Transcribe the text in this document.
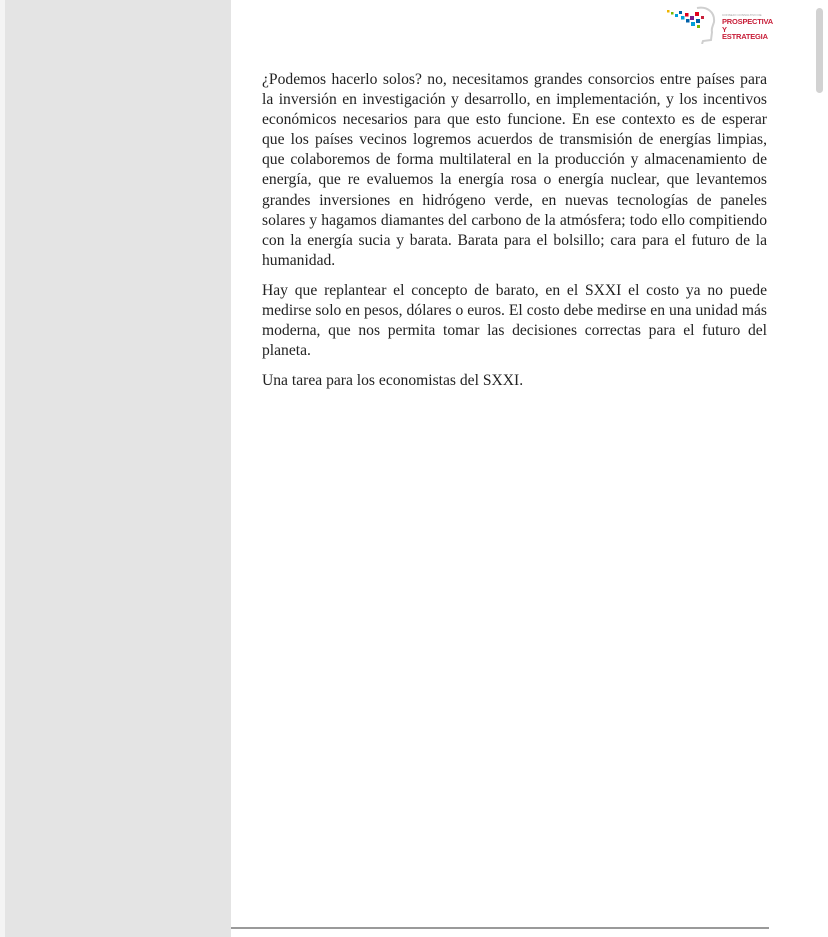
CONSEJO CONSULTIVO DE
PROSPECTIVA Y
ESTRATEGIA

¿Podemos hacerlo solos? no, necesitamos grandes consorcios entre países para la inversión en investigación y desarrollo, en implementación, y los incentivos económicos necesarios para que esto funcione. En ese contexto es de esperar que los países vecinos logremos acuerdos de transmisión de energías limpias, que colaboremos de forma multilateral en la producción y almacenamiento de energía, que re evaluemos la energía rosa o energía nuclear, que levantemos grandes inversiones en hidrógeno verde, en nuevas tecnologías de paneles solares y hagamos diamantes del carbono de la atmósfera; todo ello compitiendo con la energía sucia y barata. Barata para el bolsillo; cara para el futuro de la humanidad.

Hay que replantear el concepto de barato, en el SXXI el costo ya no puede medirse solo en pesos, dólares o euros. El costo debe medirse en una unidad más moderna, que nos permita tomar las decisiones correctas para el futuro del planeta.

Una tarea para los economistas del SXXI.
